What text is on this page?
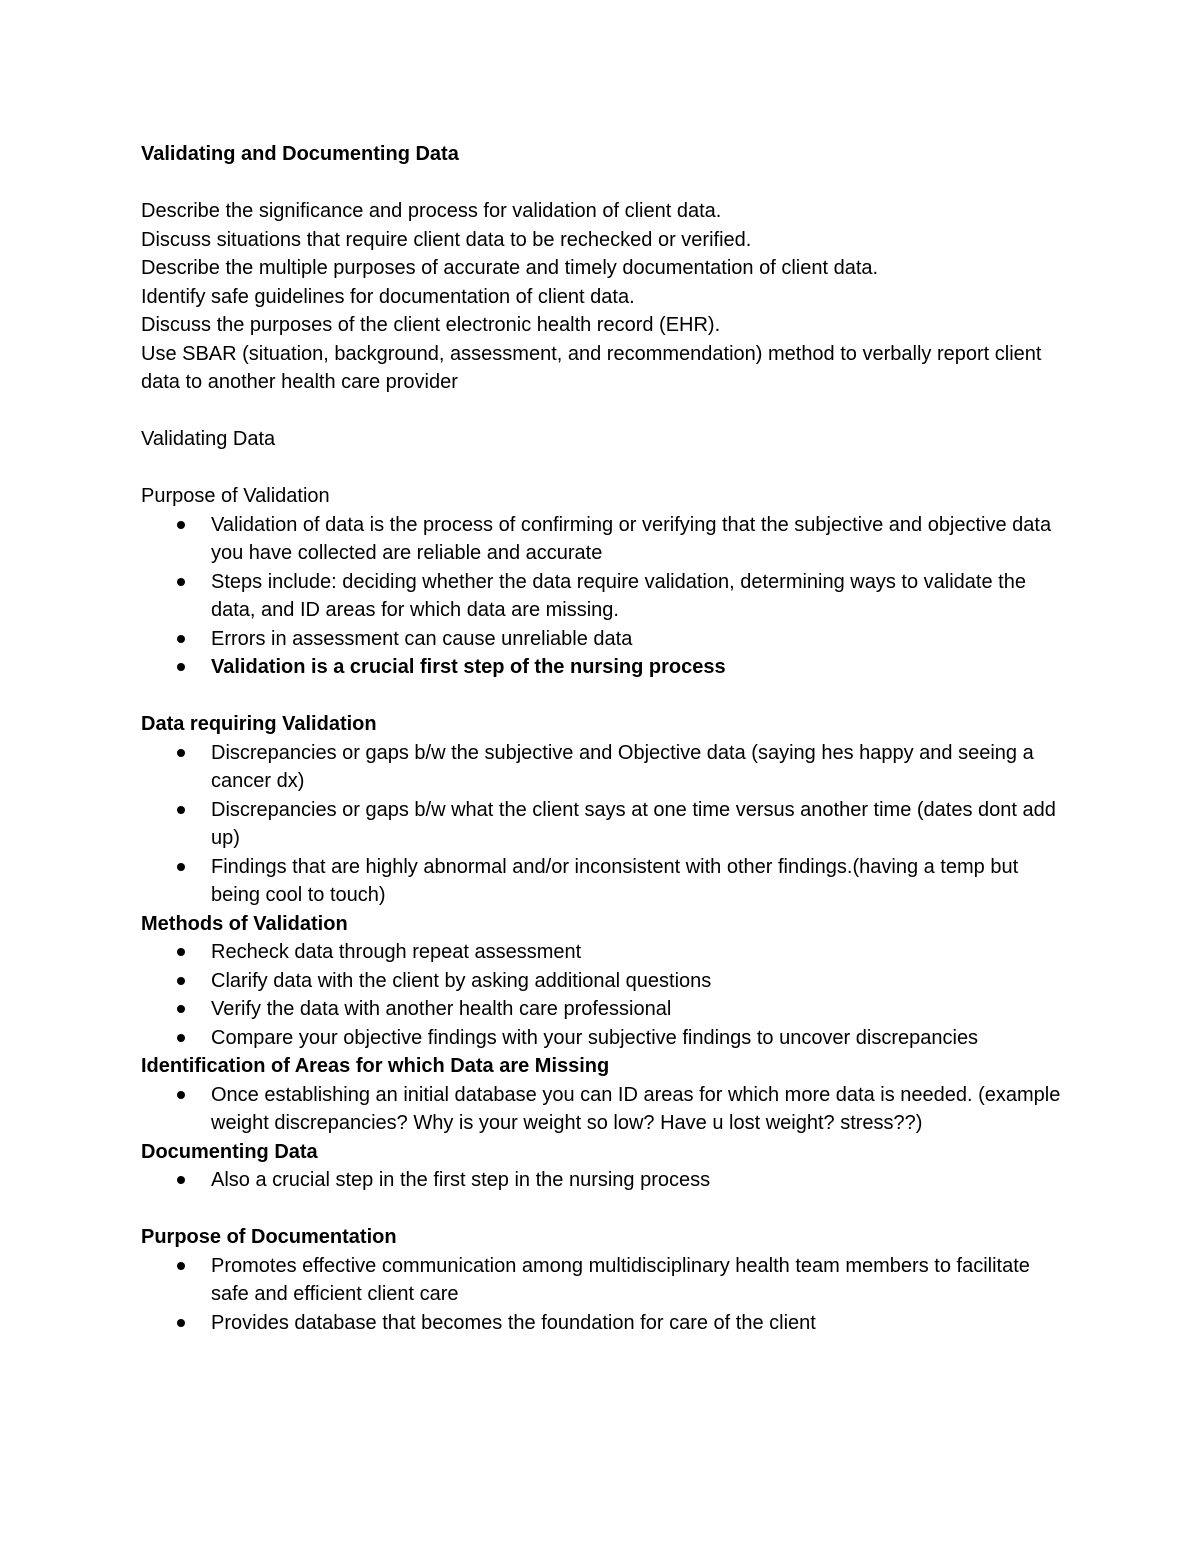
Validating and Documenting Data

Describe the significance and process for validation of client data.

Discuss situations that require client data to be rechecked or verified.

Describe the multiple purposes of accurate and timely documentation of client data.

Identify safe guidelines for documentation of client data.

Discuss the purposes of the client electronic health record (EHR).

Use SBAR (situation, background, assessment, and recommendation) method to verbally report client data to another health care provider

Validating Data

Purpose of Validation

Validation of data is the process of confirming or verifying that the subjective and objective data you have collected are reliable and accurate
Steps include: deciding whether the data require validation, determining ways to validate the data, and ID areas for which data are missing.
Errors in assessment can cause unreliable data
Validation is a crucial first step of the nursing process

Data requiring Validation

Discrepancies or gaps b/w the subjective and Objective data (saying hes happy and seeing a cancer dx)
Discrepancies or gaps b/w what the client says at one time versus another time (dates dont add up)
Findings that are highly abnormal and/or inconsistent with other findings.(having a temp but being cool to touch)

Methods of Validation

Recheck data through repeat assessment
Clarify data with the client by asking additional questions
Verify the data with another health care professional
Compare your objective findings with your subjective findings to uncover discrepancies

Identification of Areas for which Data are Missing

Once establishing an initial database you can ID areas for which more data is needed. (example weight discrepancies? Why is your weight so low? Have u lost weight? stress??)

Documenting Data

Also a crucial step in the first step in the nursing process

Purpose of Documentation

Promotes effective communication among multidisciplinary health team members to facilitate safe and efficient client care
Provides database that becomes the foundation for care of the client
